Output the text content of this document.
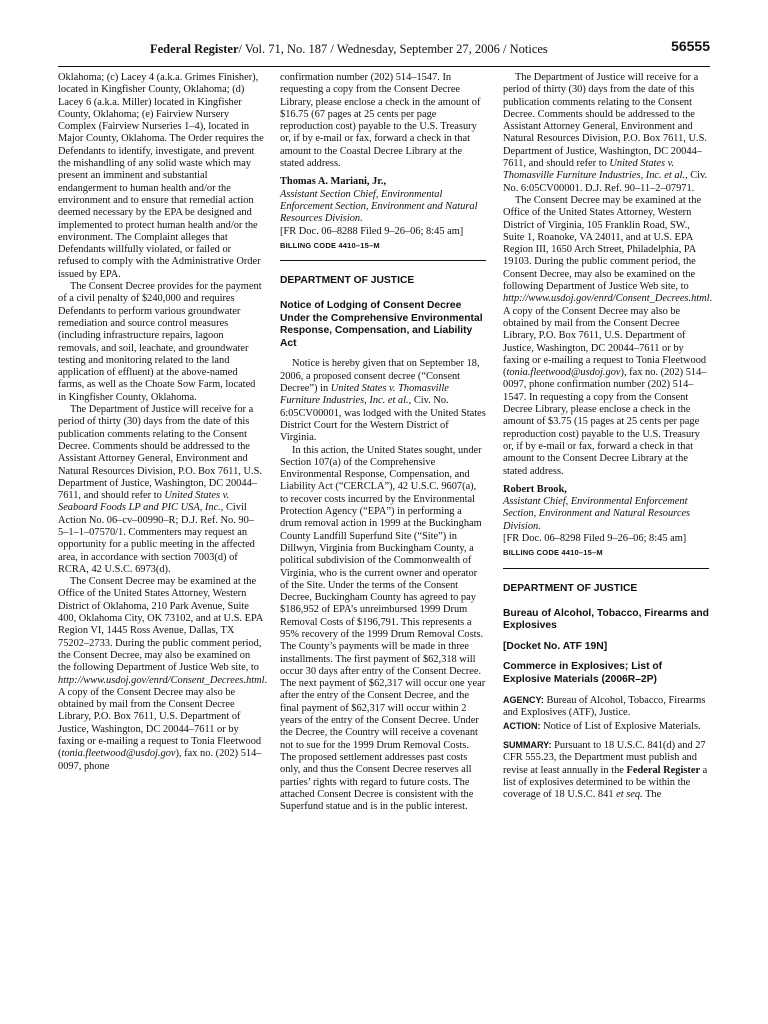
Federal Register/ Vol. 71, No. 187 / Wednesday, September 27, 2006 / Notices	56555

Oklahoma; (c) Lacey 4 (a.k.a. Grimes Finisher), located in Kingfisher County, Oklahoma; (d) Lacey 6 (a.k.a. Miller) located in Kingfisher County, Oklahoma; (e) Fairview Nursery Complex (Fairview Nurseries 1–4), located in Major County, Oklahoma. The Order requires the Defendants to identify, investigate, and prevent the mishandling of any solid waste which may present an imminent and substantial endangerment to human health and/or the environment and to ensure that remedial action deemed necessary by the EPA be designed and implemented to protect human health and/or the environment. The Complaint alleges that Defendants willfully violated, or failed or refused to comply with the Administrative Order issued by EPA.

The Consent Decree provides for the payment of a civil penalty of $240,000 and requires Defendants to perform various groundwater remediation and source control measures (including infrastructure repairs, lagoon removals, and soil, leachate, and groundwater testing and monitoring related to the land application of effluent) at the above-named farms, as well as the Choate Sow Farm, located in Kingfisher County, Oklahoma.

The Department of Justice will receive for a period of thirty (30) days from the date of this publication comments relating to the Consent Decree. Comments should be addressed to the Assistant Attorney General, Environment and Natural Resources Division, P.O. Box 7611, U.S. Department of Justice, Washington, DC 20044–7611, and should refer to United States v. Seaboard Foods LP and PIC USA, Inc., Civil Action No. 06–cv–00990–R; D.J. Ref. No. 90–5–1–1–07570/1. Commenters may request an opportunity for a public meeting in the affected area, in accordance with section 7003(d) of RCRA, 42 U.S.C. 6973(d).

The Consent Decree may be examined at the Office of the United States Attorney, Western District of Oklahoma, 210 Park Avenue, Suite 400, Oklahoma City, OK 73102, and at U.S. EPA Region VI, 1445 Ross Avenue, Dallas, TX 75202–2733. During the public comment period, the Consent Decree, may also be examined on the following Department of Justice Web site, to http://www.usdoj.gov/enrd/Consent_Decrees.html. A copy of the Consent Decree may also be obtained by mail from the Consent Decree Library, P.O. Box 7611, U.S. Department of Justice, Washington, DC 20044–7611 or by faxing or e-mailing a request to Tonia Fleetwood (tonia.fleetwood@usdoj.gov), fax no. (202) 514–0097, phone

confirmation number (202) 514–1547. In requesting a copy from the Consent Decree Library, please enclose a check in the amount of $16.75 (67 pages at 25 cents per page reproduction cost) payable to the U.S. Treasury or, if by e-mail or fax, forward a check in that amount to the Coastal Decree Library at the stated address.

Thomas A. Mariani, Jr.,

Assistant Section Chief, Environmental Enforcement Section, Environment and Natural Resources Division.

[FR Doc. 06–8288 Filed 9–26–06; 8:45 am]

BILLING CODE 4410–15–M

DEPARTMENT OF JUSTICE

Notice of Lodging of Consent Decree Under the Comprehensive Environmental Response, Compensation, and Liability Act

Notice is hereby given that on September 18, 2006, a proposed consent decree (“Consent Decree”) in United States v. Thomasville Furniture Industries, Inc. et al., Civ. No. 6:05CV00001, was lodged with the United States District Court for the Western District of Virginia.

In this action, the United States sought, under Section 107(a) of the Comprehensive Environmental Response, Compensation, and Liability Act (“CERCLA”), 42 U.S.C. 9607(a), to recover costs incurred by the Environmental Protection Agency (“EPA”) in performing a drum removal action in 1999 at the Buckingham County Landfill Superfund Site (“Site”) in Dillwyn, Virginia from Buckingham County, a political subdivision of the Commonwealth of Virginia, who is the current owner and operator of the Site. Under the terms of the Consent Decree, Buckingham County has agreed to pay $186,952 of EPA’s unreimbursed 1999 Drum Removal Costs of $196,791. This represents a 95% recovery of the 1999 Drum Removal Costs. The County’s payments will be made in three installments. The first payment of $62,318 will occur 30 days after entry of the Consent Decree. The next payment of $62,317 will occur one year after the entry of the Consent Decree, and the final payment of $62,317 will occur within 2 years of the entry of the Consent Decree. Under the Decree, the Country will receive a covenant not to sue for the 1999 Drum Removal Costs. The proposed settlement addresses past costs only, and thus the Consent Decree reserves all parties’ rights with regard to future costs. The attached Consent Decree is consistent with the Superfund statue and is in the public interest.

The Department of Justice will receive for a period of thirty (30) days from the date of this publication comments relating to the Consent Decree. Comments should be addressed to the Assistant Attorney General, Environment and Natural Resources Division, P.O. Box 7611, U.S. Department of Justice, Washington, DC 20044–7611, and should refer to United States v. Thomasville Furniture Industries, Inc. et al., Civ. No. 6:05CV00001. D.J. Ref. 90–11–2–07971.

The Consent Decree may be examined at the Office of the United States Attorney, Western District of Virginia, 105 Franklin Road, SW., Suite 1, Roanoke, VA 24011, and at U.S. EPA Region III, 1650 Arch Street, Philadelphia, PA 19103. During the public comment period, the Consent Decree, may also be examined on the following Department of Justice Web site, to http://www.usdoj.gov/enrd/Consent_Decrees.html. A copy of the Consent Decree may also be obtained by mail from the Consent Decree Library, P.O. Box 7611, U.S. Department of Justice, Washington, DC 20044–7611 or by faxing or e-mailing a request to Tonia Fleetwood (tonia.fleetwood@usdoj.gov), fax no. (202) 514–0097, phone confirmation number (202) 514–1547. In requesting a copy from the Consent Decree Library, please enclose a check in the amount of $3.75 (15 pages at 25 cents per page reproduction cost) payable to the U.S. Treasury or, if by e-mail or fax, forward a check in that amount to the Consent Decree Library at the stated address.

Robert Brook,

Assistant Chief, Environmental Enforcement Section, Environment and Natural Resources Division.

[FR Doc. 06–8298 Filed 9–26–06; 8:45 am]

BILLING CODE 4410–15–M

DEPARTMENT OF JUSTICE

Bureau of Alcohol, Tobacco, Firearms and Explosives

[Docket No. ATF 19N]

Commerce in Explosives; List of Explosive Materials (2006R–2P)

AGENCY: Bureau of Alcohol, Tobacco, Firearms and Explosives (ATF), Justice.

ACTION: Notice of List of Explosive Materials.

SUMMARY: Pursuant to 18 U.S.C. 841(d) and 27 CFR 555.23, the Department must publish and revise at least annually in the Federal Register a list of explosives determined to be within the coverage of 18 U.S.C. 841 et seq. The
